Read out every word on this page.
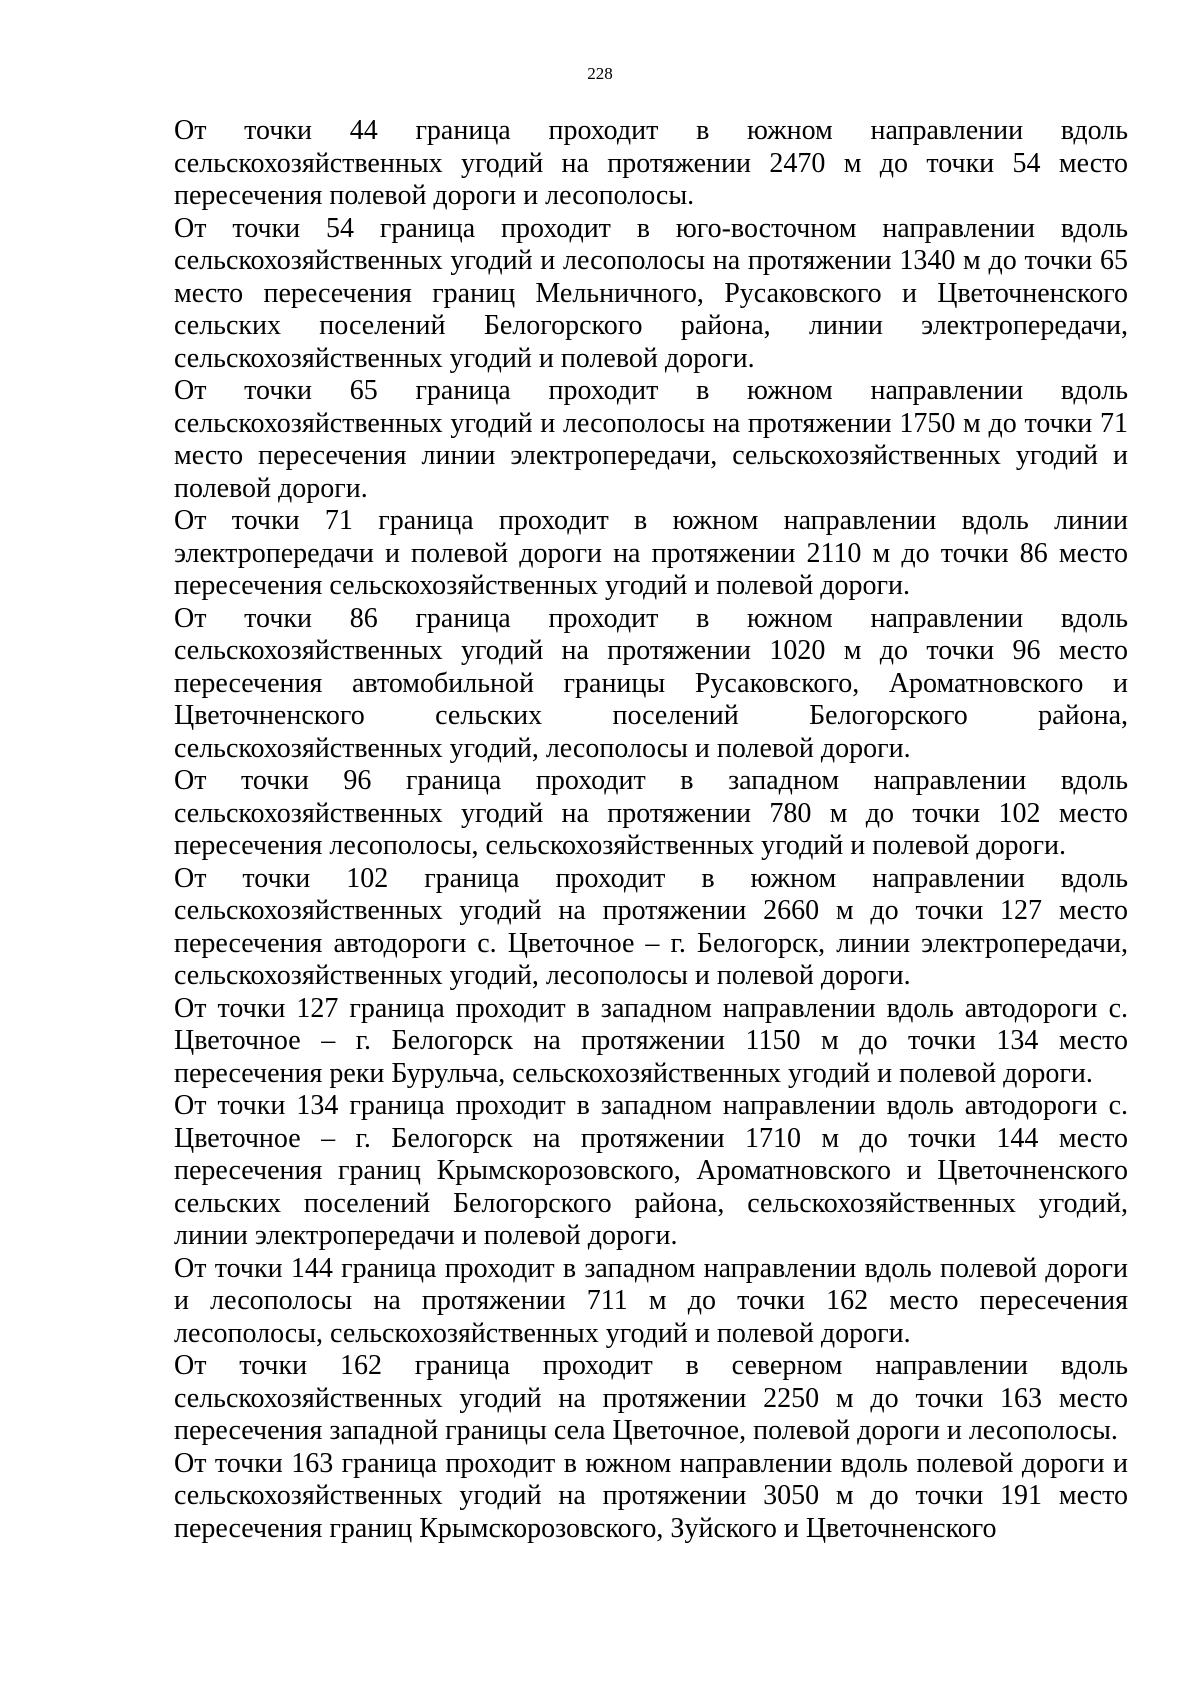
228

От точки 44 граница проходит в южном направлении вдоль сельскохозяйственных угодий на протяжении 2470 м до точки 54 место пересечения полевой дороги и лесополосы.

От точки 54 граница проходит в юго-восточном направлении вдоль сельскохозяйственных угодий и лесополосы на протяжении 1340 м до точки 65 место пересечения границ Мельничного, Русаковского и Цветочненского сельских поселений Белогорского района, линии электропередачи, сельскохозяйственных угодий и полевой дороги.

От точки 65 граница проходит в южном направлении вдоль сельскохозяйственных угодий и лесополосы на протяжении 1750 м до точки 71 место пересечения линии электропередачи, сельскохозяйственных угодий и полевой дороги.

От точки 71 граница проходит в южном направлении вдоль линии электропередачи и полевой дороги на протяжении 2110 м до точки 86 место пересечения сельскохозяйственных угодий и полевой дороги.

От точки 86 граница проходит в южном направлении вдоль сельскохозяйственных угодий на протяжении 1020 м до точки 96 место пересечения автомобильной границы Русаковского, Ароматновского и Цветочненского сельских поселений Белогорского района, сельскохозяйственных угодий, лесополосы и полевой дороги.

От точки 96 граница проходит в западном направлении вдоль сельскохозяйственных угодий на протяжении 780 м до точки 102 место пересечения лесополосы, сельскохозяйственных угодий и полевой дороги.

От точки 102 граница проходит в южном направлении вдоль сельскохозяйственных угодий на протяжении 2660 м до точки 127 место пересечения автодороги с. Цветочное – г. Белогорск, линии электропередачи, сельскохозяйственных угодий, лесополосы и полевой дороги.

От точки 127 граница проходит в западном направлении вдоль автодороги с. Цветочное – г. Белогорск на протяжении 1150 м до точки 134 место пересечения реки Бурульча, сельскохозяйственных угодий и полевой дороги.

От точки 134 граница проходит в западном направлении вдоль автодороги с. Цветочное – г. Белогорск на протяжении 1710 м до точки 144 место пересечения границ Крымскорозовского, Ароматновского и Цветочненского сельских поселений Белогорского района, сельскохозяйственных угодий, линии электропередачи и полевой дороги.

От точки 144 граница проходит в западном направлении вдоль полевой дороги и лесополосы на протяжении 711 м до точки 162 место пересечения лесополосы, сельскохозяйственных угодий и полевой дороги.

От точки 162 граница проходит в северном направлении вдоль сельскохозяйственных угодий на протяжении 2250 м до точки 163 место пересечения западной границы села Цветочное, полевой дороги и лесополосы.

От точки 163 граница проходит в южном направлении вдоль полевой дороги и сельскохозяйственных угодий на протяжении 3050 м до точки 191 место пересечения границ Крымскорозовского, Зуйского и Цветочненского
